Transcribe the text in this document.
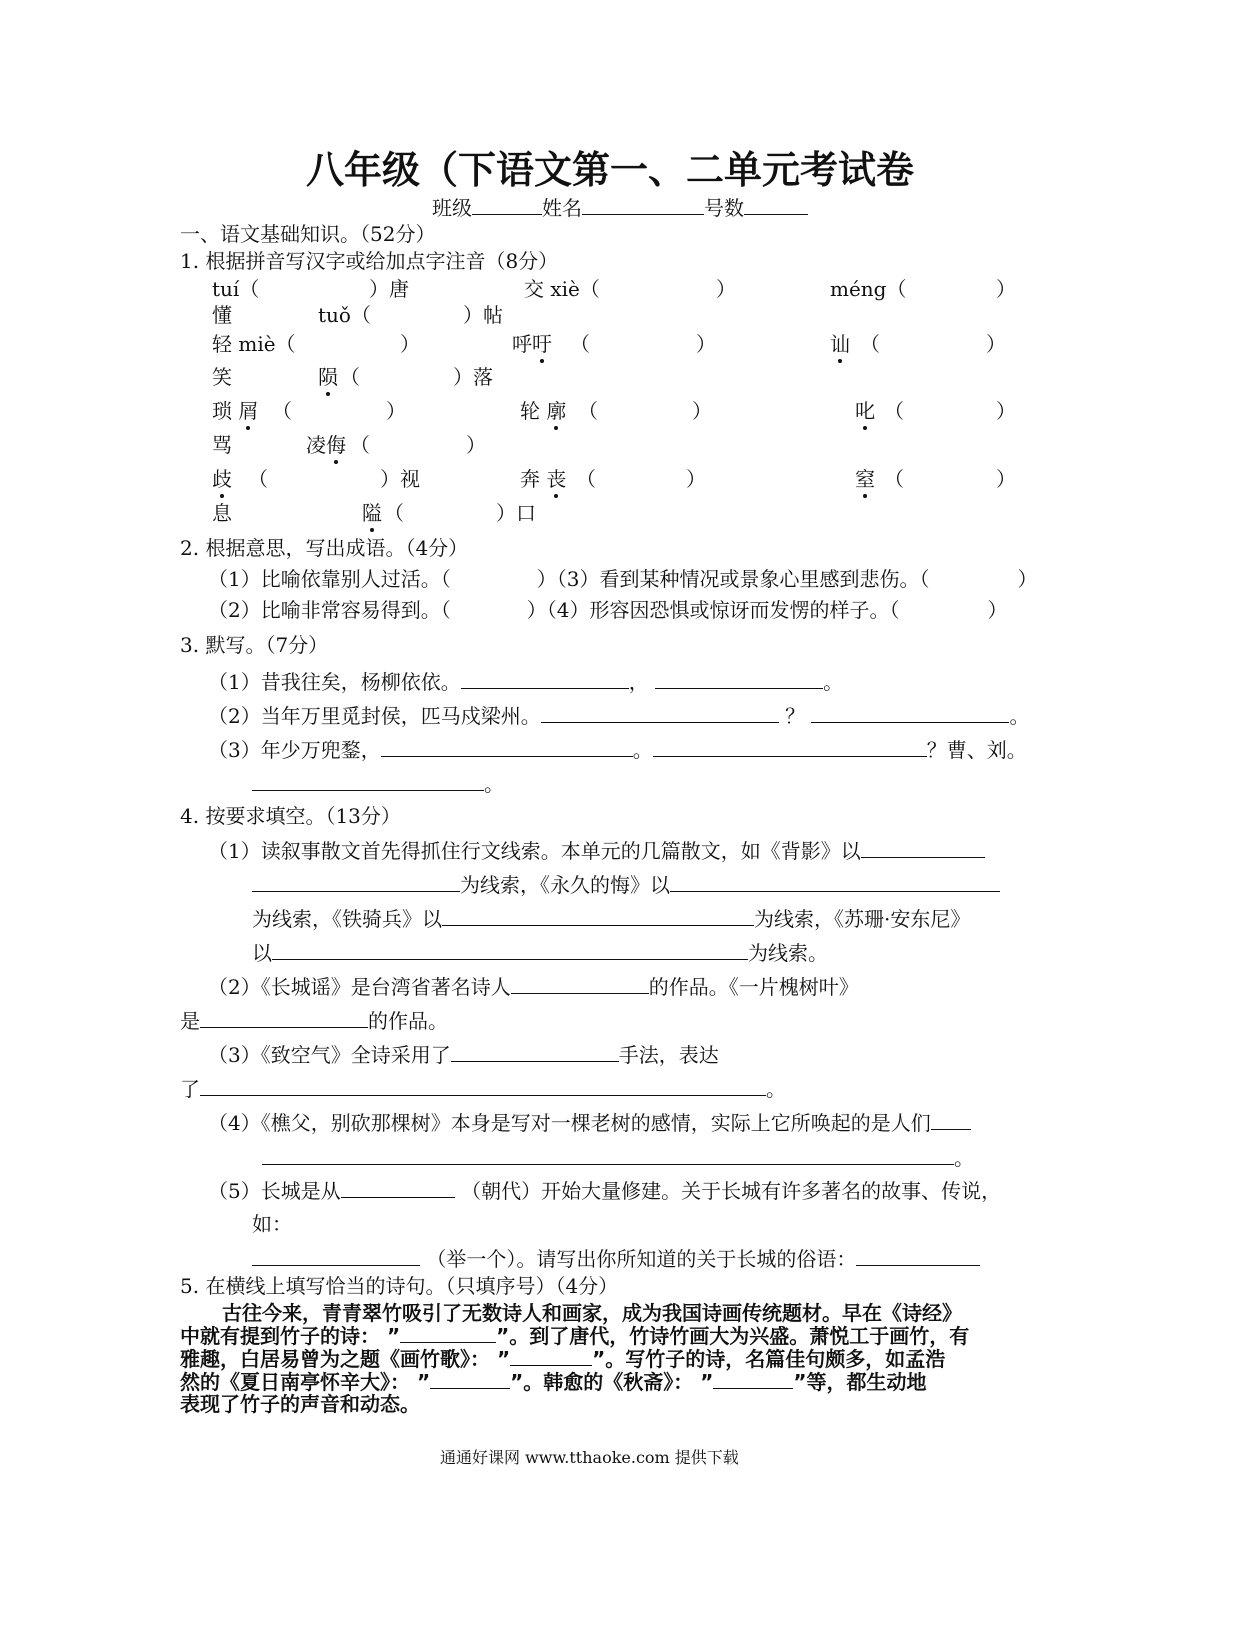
八年级（下语文第一、二单元考试卷
班级	姓名	号数
一、语文基础知识。（52分）
1. 根据拼音写汉字或给加点字注音（8分）
tuí（	）唐	交 xiè（	）	méng（	）
懂	tuǒ（	）帖
轻 miè（	）	呼吁 （	）	讪 （	）
笑	陨 （	）落
琐 屑 （	）	轮 廓 （	）	叱 （	）
骂	凌侮 （	）
歧 （	）视	奔 丧 （	）	窒 （	）
息	隘 （	）口
2. 根据意思，写出成语。（4分）
（1）比喻依靠别人过活。（	）（3）看到某种情况或景象心里感到悲伤。（	）
（2）比喻非常容易得到。（	）（4）形容因恐惧或惊讶而发愣的样子。（	）
3. 默写。（7分）
（1）昔我往矣，杨柳依依。	，	。
（2）当年万里觅封侯，匹马戍梁州。	？	。
（3）年少万兜鍪，	。	？曹、刘。
。
4. 按要求填空。（13分）
（1）读叙事散文首先得抓住行文线索。本单元的几篇散文，如《背影》以
为线索，《永久的悔》以
为线索，《铁骑兵》以	为线索，《苏珊·安东尼》
以	为线索。
（2）《长城谣》是台湾省著名诗人	的作品。《一片槐树叶》
是	的作品。
（3）《致空气》全诗采用了	手法，表达
了	。
（4）《樵父，别砍那棵树》本身是写对一棵老树的感情，实际上它所唤起的是人们
。
（5）长城是从	（朝代）开始大量修建。关于长城有许多著名的故事、传说，
如：
（举一个）。请写出你所知道的关于长城的俗语：
5. 在横线上填写恰当的诗句。（只填序号）（4分）
古往今来，青青翠竹吸引了无数诗人和画家，成为我国诗画传统题材。早在《诗经》
中就有提到竹子的诗： ”	”。到了唐代，竹诗竹画大为兴盛。萧悦工于画竹，有
雅趣，白居易曾为之题《画竹歌》： ”	”。写竹子的诗，名篇佳句颇多，如孟浩
然的《夏日南亭怀辛大》： ”	”。韩愈的《秋斋》： ”	”等，都生动地
表现了竹子的声音和动态。
通通好课网 www.tthaoke.com 提供下载
